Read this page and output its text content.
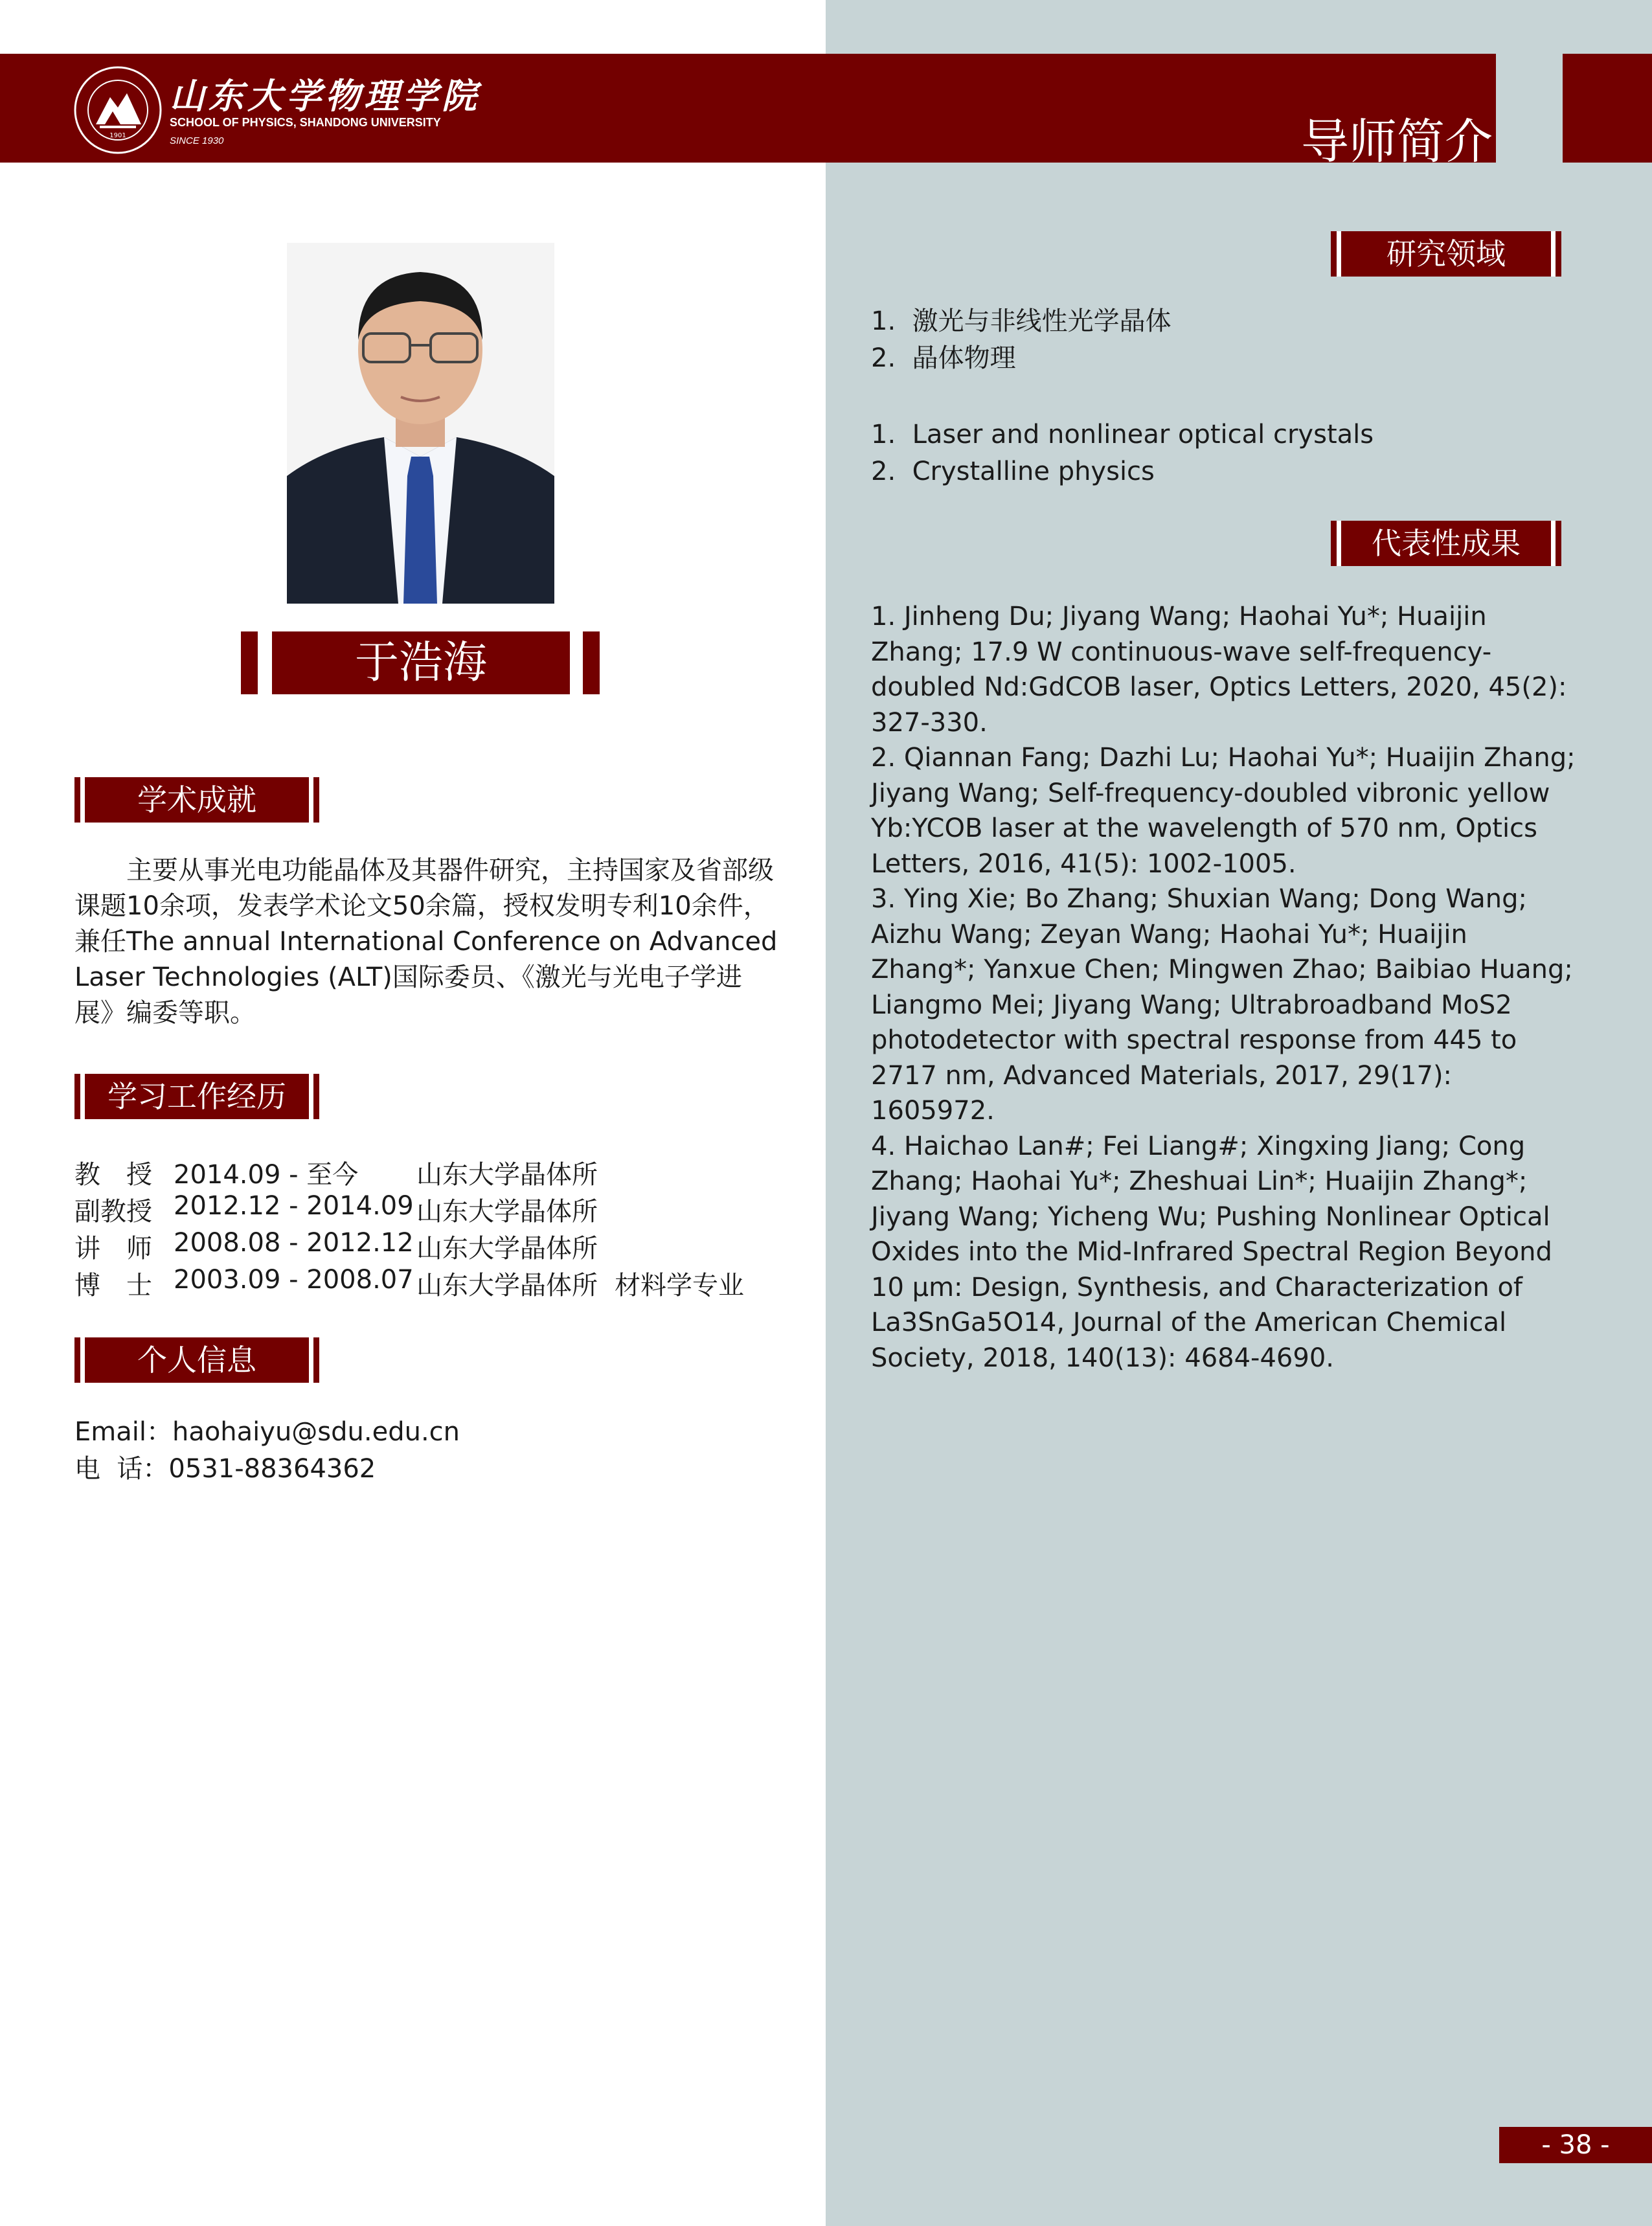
1901
山东大学物理学院
SCHOOL OF PHYSICS, SHANDONG UNIVERSITY
SINCE 1930	导师简介
于浩海
学术成就
主要从事光电功能晶体及其器件研究，主持国家及省部级课题10余项，发表学术论文50余篇，授权发明专利10余件，兼任The annual International Conference on Advanced Laser Technologies (ALT)国际委员、《激光与光电子学进展》编委等职。
学习工作经历
教　授 2014.09 - 至今 山东大学晶体所
副教授 2012.12 - 2014.09 山东大学晶体所
讲　师 2008.08 - 2012.12 山东大学晶体所
博　士 2003.09 - 2008.07 山东大学晶体所 材料学专业
个人信息
Email：haohaiyu@sdu.edu.cn
电  话：0531-88364362
研究领域
1.  激光与非线性光学晶体
2.  晶体物理
1.  Laser and nonlinear optical crystals
2.  Crystalline physics
代表性成果

1. Jinheng Du; Jiyang Wang; Haohai Yu*; Huaijin Zhang; 17.9 W continuous-wave self-frequency-doubled Nd:GdCOB laser, Optics Letters, 2020, 45(2): 327-330.

2. Qiannan Fang; Dazhi Lu; Haohai Yu*; Huaijin Zhang; Jiyang Wang; Self-frequency-doubled vibronic yellow Yb:YCOB laser at the wavelength of 570 nm, Optics Letters, 2016, 41(5): 1002-1005.

3. Ying Xie; Bo Zhang; Shuxian Wang; Dong Wang; Aizhu Wang; Zeyan Wang; Haohai Yu*; Huaijin Zhang*; Yanxue Chen; Mingwen Zhao; Baibiao Huang; Liangmo Mei; Jiyang Wang; Ultrabroadband MoS2 photodetector with spectral response from 445 to 2717 nm, Advanced Materials, 2017, 29(17): 1605972.

4. Haichao Lan#; Fei Liang#; Xingxing Jiang; Cong Zhang; Haohai Yu*; Zheshuai Lin*; Huaijin Zhang*; Jiyang Wang; Yicheng Wu; Pushing Nonlinear Optical Oxides into the Mid-Infrared Spectral Region Beyond 10 μm: Design, Synthesis, and Characterization of La3SnGa5O14, Journal of the American Chemical Society, 2018, 140(13): 4684-4690.

- 38 -
